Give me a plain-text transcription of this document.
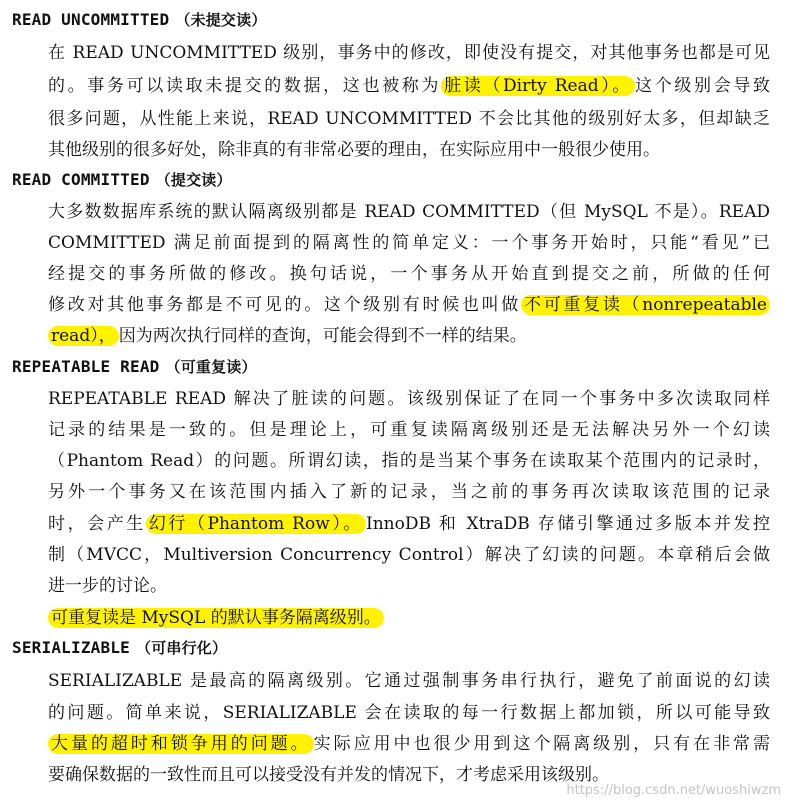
READ UNCOMMITTED （未提交读）
在 READ UNCOMMITTED 级别，事务中的修改，即使没有提交，对其他事务也都是可见
的。事务可以读取未提交的数据，这也被称为 脏读（Dirty Read）。 这个级别会导致
很多问题，从性能上来说，READ UNCOMMITTED 不会比其他的级别好太多，但却缺乏
其他级别的很多好处，除非真的有非常必要的理由，在实际应用中一般很少使用。
READ COMMITTED （提交读）
大多数数据库系统的默认隔离级别都是 READ COMMITTED（但 MySQL 不是）。READ
COMMITTED 满足前面提到的隔离性的简单定义：一个事务开始时，只能“看见”已
经提交的事务所做的修改。换句话说，一个事务从开始直到提交之前，所做的任何
修改对其他事务都是不可见的。这个级别有时候也叫做 不可重复读（nonrepeatable
read）， 因为两次执行同样的查询，可能会得到不一样的结果。
REPEATABLE READ （可重复读）
REPEATABLE READ 解决了脏读的问题。该级别保证了在同一个事务中多次读取同样
记录的结果是一致的。但是理论上，可重复读隔离级别还是无法解决另外一个幻读
（Phantom Read）的问题。所谓幻读，指的是当某个事务在读取某个范围内的记录时，
另外一个事务又在该范围内插入了新的记录，当之前的事务再次读取该范围的记录
时，会产生 幻行（Phantom Row）。 InnoDB 和 XtraDB 存储引擎通过多版本并发控
制（MVCC，Multiversion Concurrency Control）解决了幻读的问题。本章稍后会做
进一步的讨论。
可重复读是 MySQL 的默认事务隔离级别。
SERIALIZABLE （可串行化）
SERIALIZABLE 是最高的隔离级别。它通过强制事务串行执行，避免了前面说的幻读
的问题。简单来说，SERIALIZABLE 会在读取的每一行数据上都加锁，所以可能导致
大量的超时和锁争用的问题。 实际应用中也很少用到这个隔离级别，只有在非常需
要确保数据的一致性而且可以接受没有并发的情况下，才考虑采用该级别。
https://blog.csdn.net/wuoshiwzm
